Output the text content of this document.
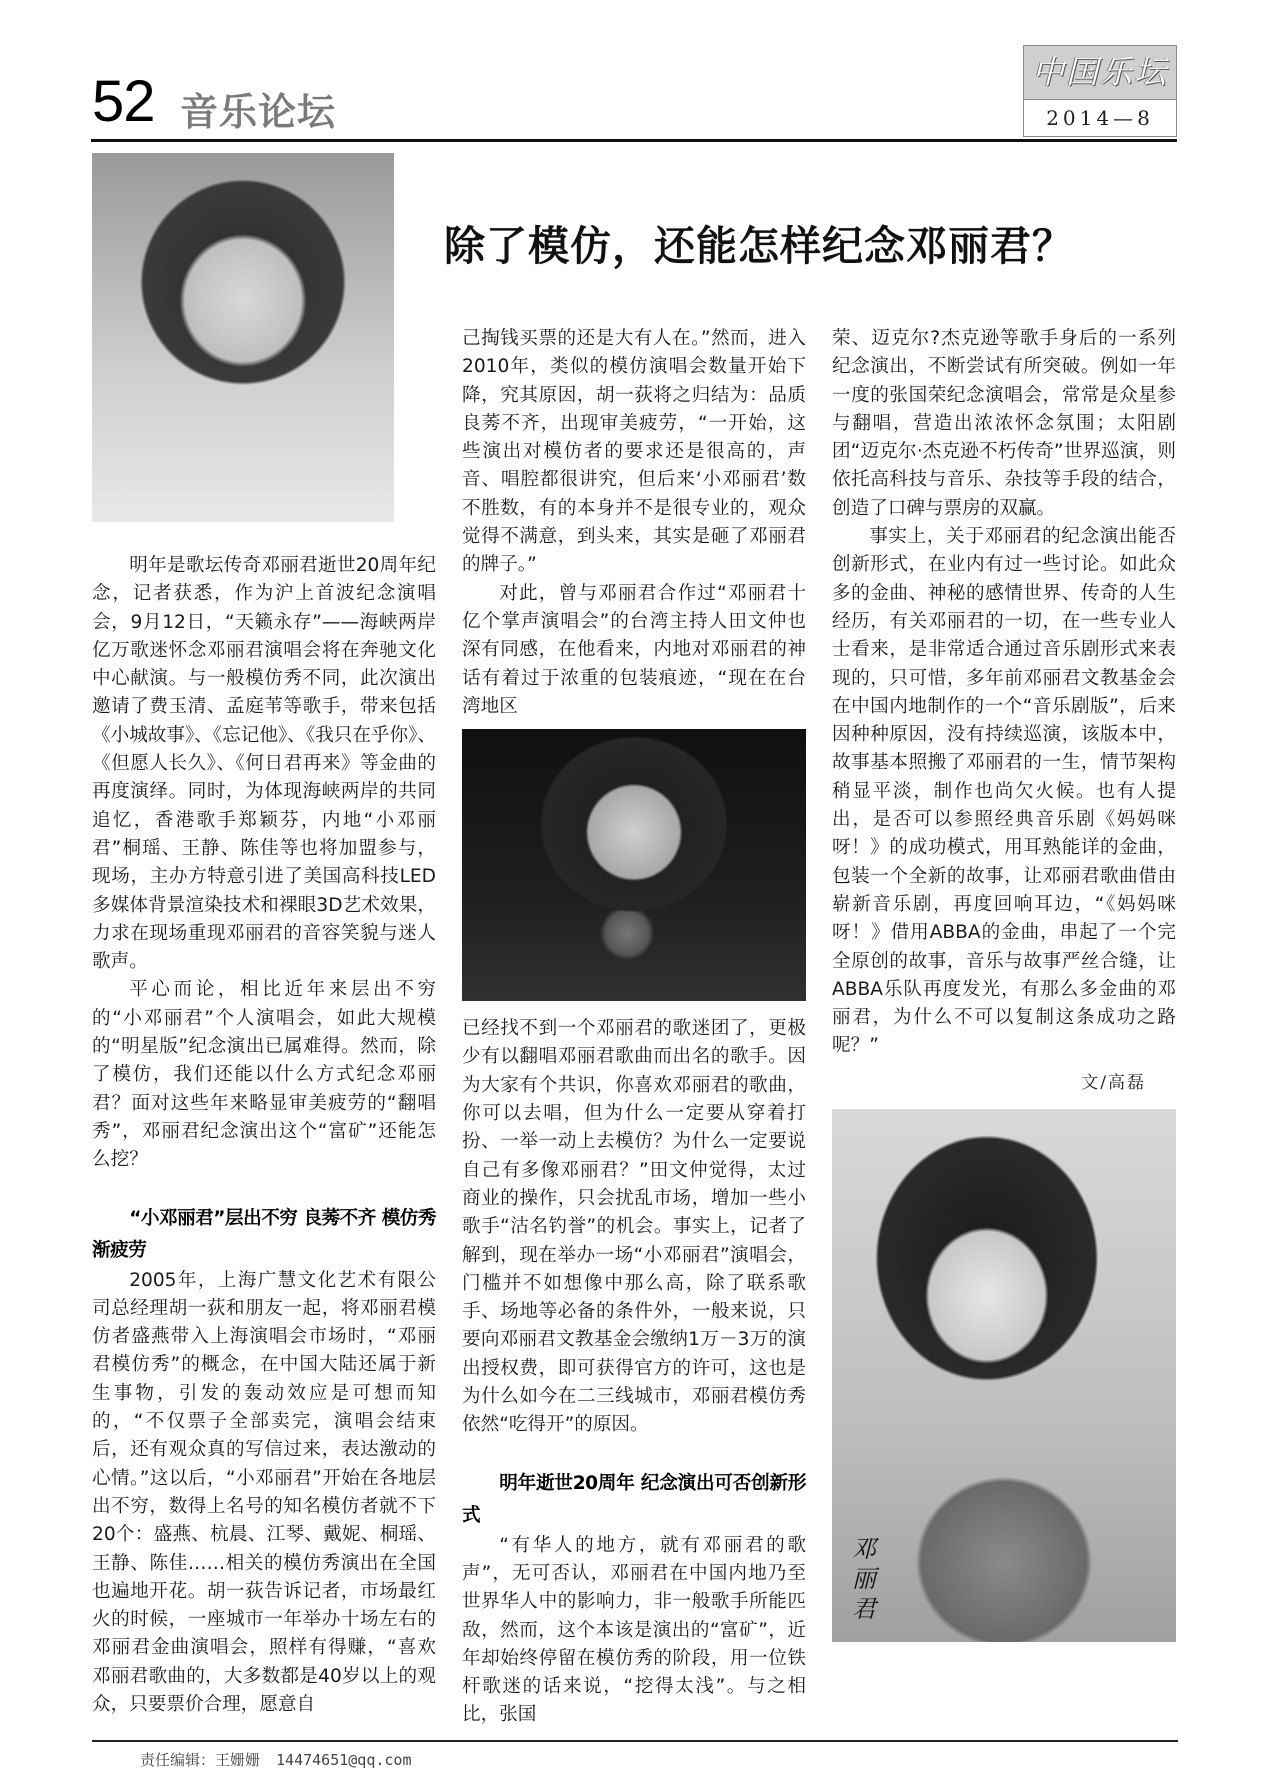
52 音乐论坛
中国乐坛
2014—8
除了模仿，还能怎样纪念邓丽君？

明年是歌坛传奇邓丽君逝世20周年纪念，记者获悉，作为沪上首波纪念演唱会，9月12日，“天籁永存”——海峡两岸亿万歌迷怀念邓丽君演唱会将在奔驰文化中心献演。与一般模仿秀不同，此次演出邀请了费玉清、孟庭苇等歌手，带来包括《小城故事》、《忘记他》、《我只在乎你》、《但愿人长久》、《何日君再来》等金曲的再度演绎。同时，为体现海峡两岸的共同追忆，香港歌手郑颖芬，内地“小邓丽君”桐瑶、王静、陈佳等也将加盟参与，现场，主办方特意引进了美国高科技LED多媒体背景渲染技术和裸眼3D艺术效果，力求在现场重现邓丽君的音容笑貌与迷人歌声。

平心而论，相比近年来层出不穷的“小邓丽君”个人演唱会，如此大规模的“明星版”纪念演出已属难得。然而，除了模仿，我们还能以什么方式纪念邓丽君？面对这些年来略显审美疲劳的“翻唱秀”，邓丽君纪念演出这个“富矿”还能怎么挖？

“小邓丽君”层出不穷 良莠不齐 模仿秀渐疲劳

2005年，上海广慧文化艺术有限公司总经理胡一荻和朋友一起，将邓丽君模仿者盛燕带入上海演唱会市场时，“邓丽君模仿秀”的概念，在中国大陆还属于新生事物，引发的轰动效应是可想而知的，“不仅票子全部卖完，演唱会结束后，还有观众真的写信过来，表达激动的心情。”这以后，“小邓丽君”开始在各地层出不穷，数得上名号的知名模仿者就不下20个：盛燕、杭晨、江琴、戴妮、桐瑶、王静、陈佳……相关的模仿秀演出在全国也遍地开花。胡一荻告诉记者，市场最红火的时候，一座城市一年举办十场左右的邓丽君金曲演唱会，照样有得赚，“喜欢邓丽君歌曲的，大多数都是40岁以上的观众，只要票价合理，愿意自

己掏钱买票的还是大有人在。”然而，进入2010年，类似的模仿演唱会数量开始下降，究其原因，胡一荻将之归结为：品质良莠不齐，出现审美疲劳，“一开始，这些演出对模仿者的要求还是很高的，声音、唱腔都很讲究，但后来‘小邓丽君’数不胜数，有的本身并不是很专业的，观众觉得不满意，到头来，其实是砸了邓丽君的牌子。”

对此，曾与邓丽君合作过“邓丽君十亿个掌声演唱会”的台湾主持人田文仲也深有同感，在他看来，内地对邓丽君的神话有着过于浓重的包装痕迹，“现在在台湾地区

已经找不到一个邓丽君的歌迷团了，更极少有以翻唱邓丽君歌曲而出名的歌手。因为大家有个共识，你喜欢邓丽君的歌曲，你可以去唱，但为什么一定要从穿着打扮、一举一动上去模仿？为什么一定要说自己有多像邓丽君？”田文仲觉得，太过商业的操作，只会扰乱市场，增加一些小歌手“沽名钓誉”的机会。事实上，记者了解到，现在举办一场“小邓丽君”演唱会，门槛并不如想像中那么高，除了联系歌手、场地等必备的条件外，一般来说，只要向邓丽君文教基金会缴纳1万－3万的演出授权费，即可获得官方的许可，这也是为什么如今在二三线城市，邓丽君模仿秀依然“吃得开”的原因。

明年逝世20周年 纪念演出可否创新形式

“有华人的地方，就有邓丽君的歌声”，无可否认，邓丽君在中国内地乃至世界华人中的影响力，非一般歌手所能匹敌，然而，这个本该是演出的“富矿”，近年却始终停留在模仿秀的阶段，用一位铁杆歌迷的话来说，“挖得太浅”。与之相比，张国

荣、迈克尔?杰克逊等歌手身后的一系列纪念演出，不断尝试有所突破。例如一年一度的张国荣纪念演唱会，常常是众星参与翻唱，营造出浓浓怀念氛围；太阳剧团“迈克尔·杰克逊不朽传奇”世界巡演，则依托高科技与音乐、杂技等手段的结合，创造了口碑与票房的双赢。

事实上，关于邓丽君的纪念演出能否创新形式，在业内有过一些讨论。如此众多的金曲、神秘的感情世界、传奇的人生经历，有关邓丽君的一切，在一些专业人士看来，是非常适合通过音乐剧形式来表现的，只可惜，多年前邓丽君文教基金会在中国内地制作的一个“音乐剧版”，后来因种种原因，没有持续巡演，该版本中，故事基本照搬了邓丽君的一生，情节架构稍显平淡，制作也尚欠火候。也有人提出，是否可以参照经典音乐剧《妈妈咪呀！》的成功模式，用耳熟能详的金曲，包装一个全新的故事，让邓丽君歌曲借由崭新音乐剧，再度回响耳边，“《妈妈咪呀！》借用ABBA的金曲，串起了一个完全原创的故事，音乐与故事严丝合缝，让ABBA乐队再度发光，有那么多金曲的邓丽君，为什么不可以复制这条成功之路呢？”

文/高磊
邓丽君
责任编辑：王姗姗 14474651@qq.com
